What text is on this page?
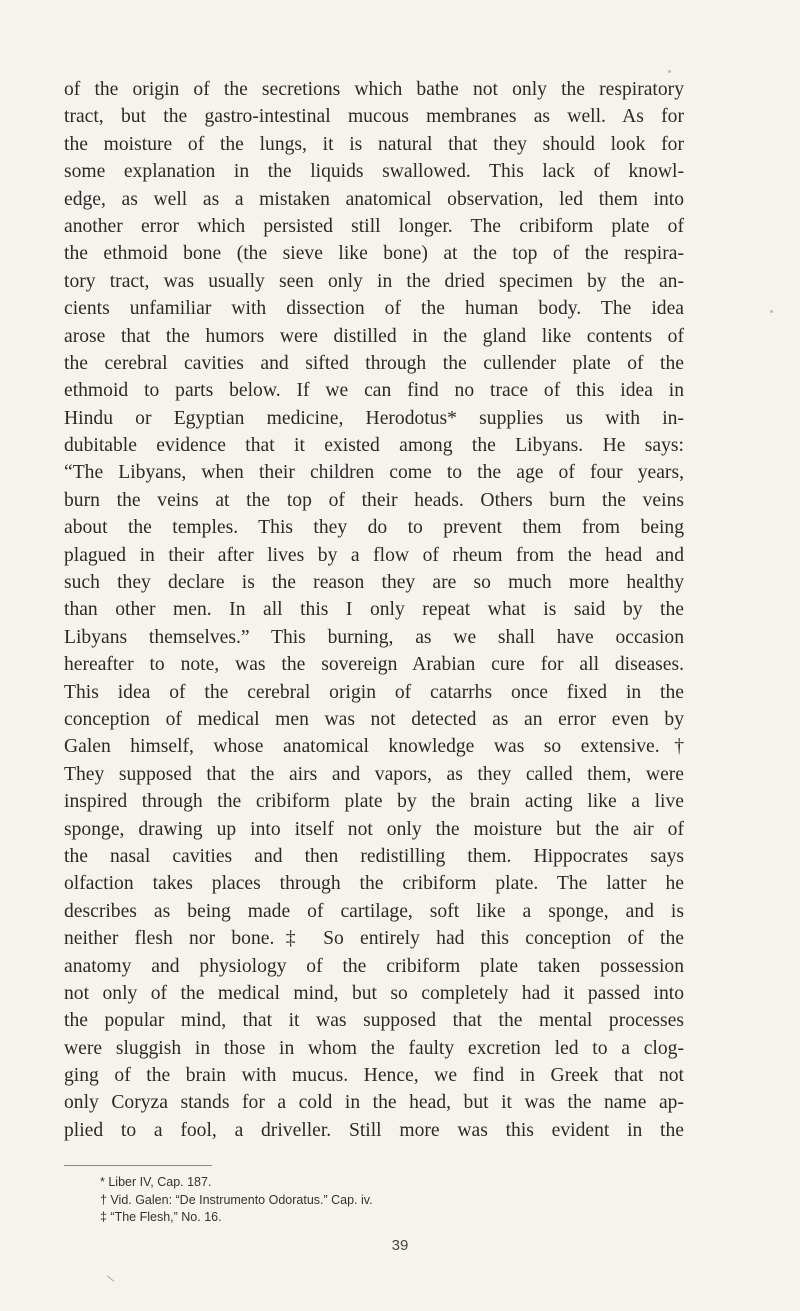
of the origin of the secretions which bathe not only the respiratory
tract, but the gastro-intestinal mucous membranes as well. As for
the moisture of the lungs, it is natural that they should look for
some explanation in the liquids swallowed. This lack of knowl-
edge, as well as a mistaken anatomical observation, led them into
another error which persisted still longer. The cribiform plate of
the ethmoid bone (the sieve like bone) at the top of the respira-
tory tract, was usually seen only in the dried specimen by the an-
cients unfamiliar with dissection of the human body. The idea
arose that the humors were distilled in the gland like contents of
the cerebral cavities and sifted through the cullender plate of the
ethmoid to parts below. If we can find no trace of this idea in
Hindu or Egyptian medicine, Herodotus* supplies us with in-
dubitable evidence that it existed among the Libyans. He says:
“The Libyans, when their children come to the age of four years,
burn the veins at the top of their heads. Others burn the veins
about the temples. This they do to prevent them from being
plagued in their after lives by a flow of rheum from the head and
such they declare is the reason they are so much more healthy
than other men. In all this I only repeat what is said by the
Libyans themselves.” This burning, as we shall have occasion
hereafter to note, was the sovereign Arabian cure for all diseases.
This idea of the cerebral origin of catarrhs once fixed in the
conception of medical men was not detected as an error even by
Galen himself, whose anatomical knowledge was so extensive.†
They supposed that the airs and vapors, as they called them, were
inspired through the cribiform plate by the brain acting like a live
sponge, drawing up into itself not only the moisture but the air of
the nasal cavities and then redistilling them. Hippocrates says
olfaction takes places through the cribiform plate. The latter he
describes as being made of cartilage, soft like a sponge, and is
neither flesh nor bone.‡ So entirely had this conception of the
anatomy and physiology of the cribiform plate taken possession
not only of the medical mind, but so completely had it passed into
the popular mind, that it was supposed that the mental processes
were sluggish in those in whom the faulty excretion led to a clog-
ging of the brain with mucus. Hence, we find in Greek that not
only Coryza stands for a cold in the head, but it was the name ap-
plied to a fool, a driveller. Still more was this evident in the
* Liber IV, Cap. 187.
† Vid. Galen: “De Instrumento Odoratus.” Cap. iv.
‡ “The Flesh,” No. 16.
39
